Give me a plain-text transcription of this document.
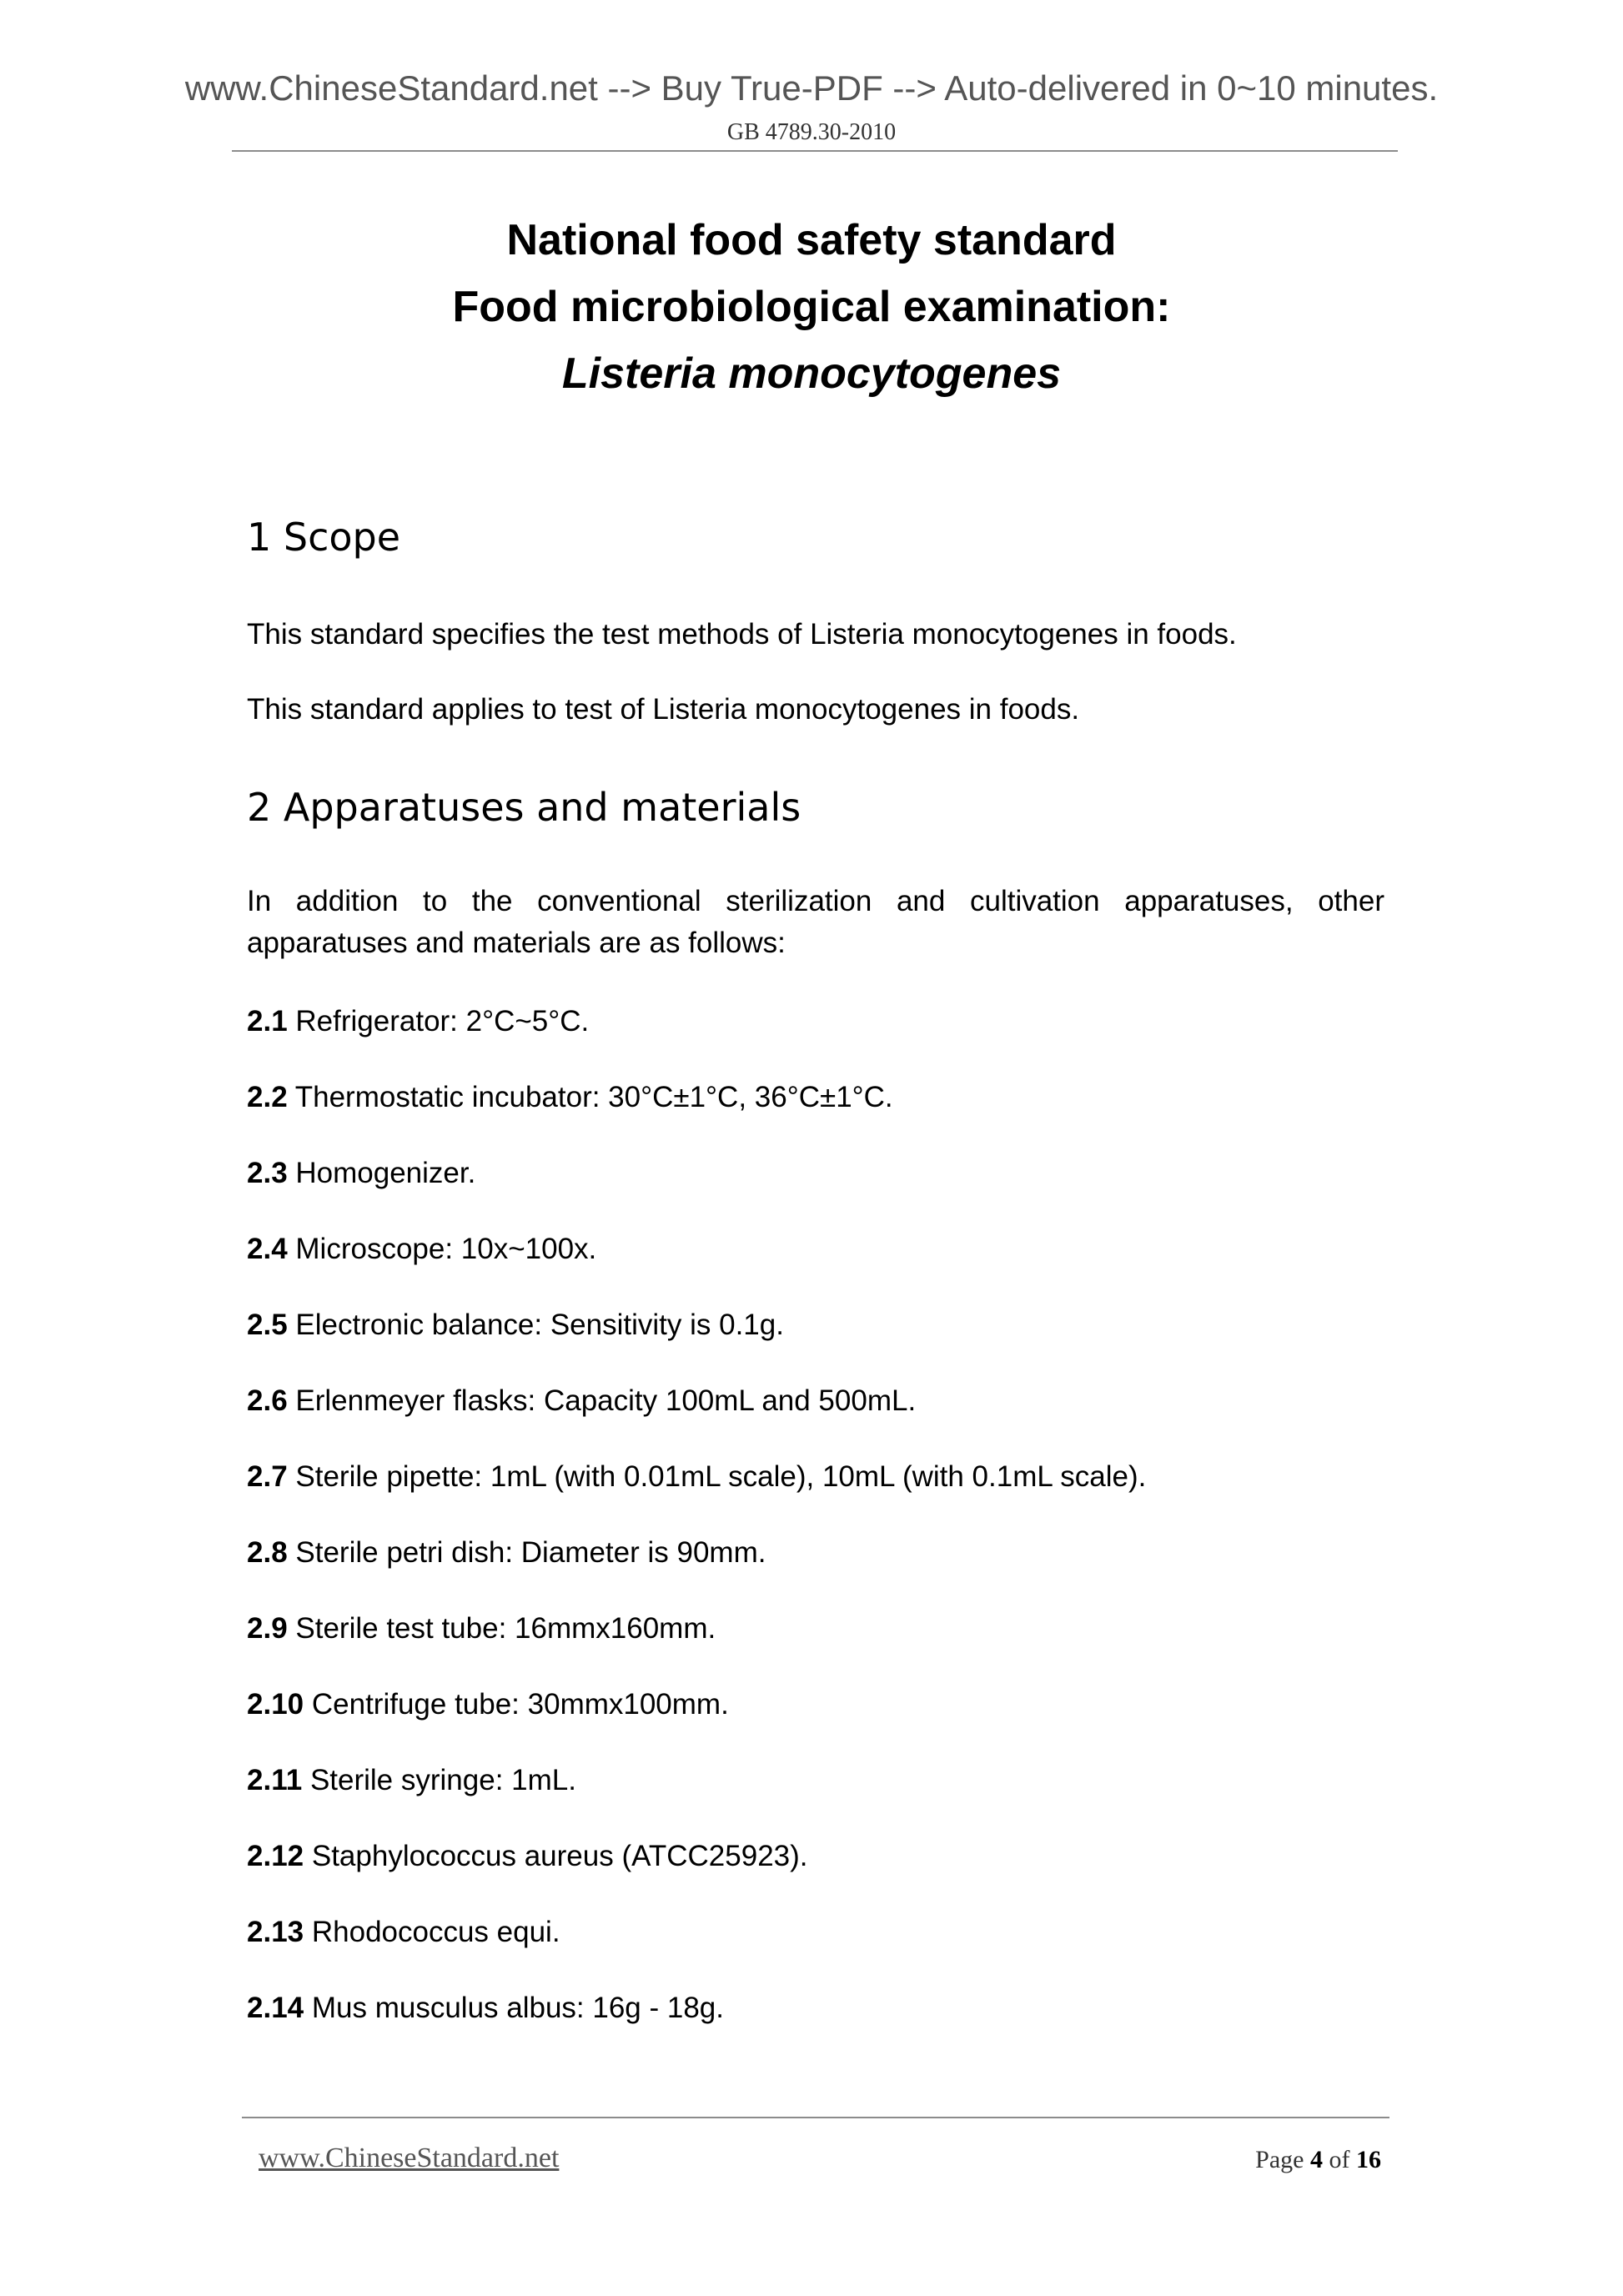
www.ChineseStandard.net --> Buy True-PDF --> Auto-delivered in 0~10 minutes.
GB 4789.30-2010
National food safety standard
Food microbiological examination:
Listeria monocytogenes
1 Scope
This standard specifies the test methods of Listeria monocytogenes in foods.
This standard applies to test of Listeria monocytogenes in foods.
2 Apparatuses and materials
In addition to the conventional sterilization and cultivation apparatuses, other apparatuses and materials are as follows:
2.1 Refrigerator: 2°C~5°C.
2.2 Thermostatic incubator: 30°C±1°C, 36°C±1°C.
2.3 Homogenizer.
2.4 Microscope: 10x~100x.
2.5 Electronic balance: Sensitivity is 0.1g.
2.6 Erlenmeyer flasks: Capacity 100mL and 500mL.
2.7 Sterile pipette: 1mL (with 0.01mL scale), 10mL (with 0.1mL scale).
2.8 Sterile petri dish: Diameter is 90mm.
2.9 Sterile test tube: 16mmx160mm.
2.10 Centrifuge tube: 30mmx100mm.
2.11 Sterile syringe: 1mL.
2.12 Staphylococcus aureus (ATCC25923).
2.13 Rhodococcus equi.
2.14 Mus musculus albus: 16g - 18g.
www.ChineseStandard.net	Page 4 of 16
